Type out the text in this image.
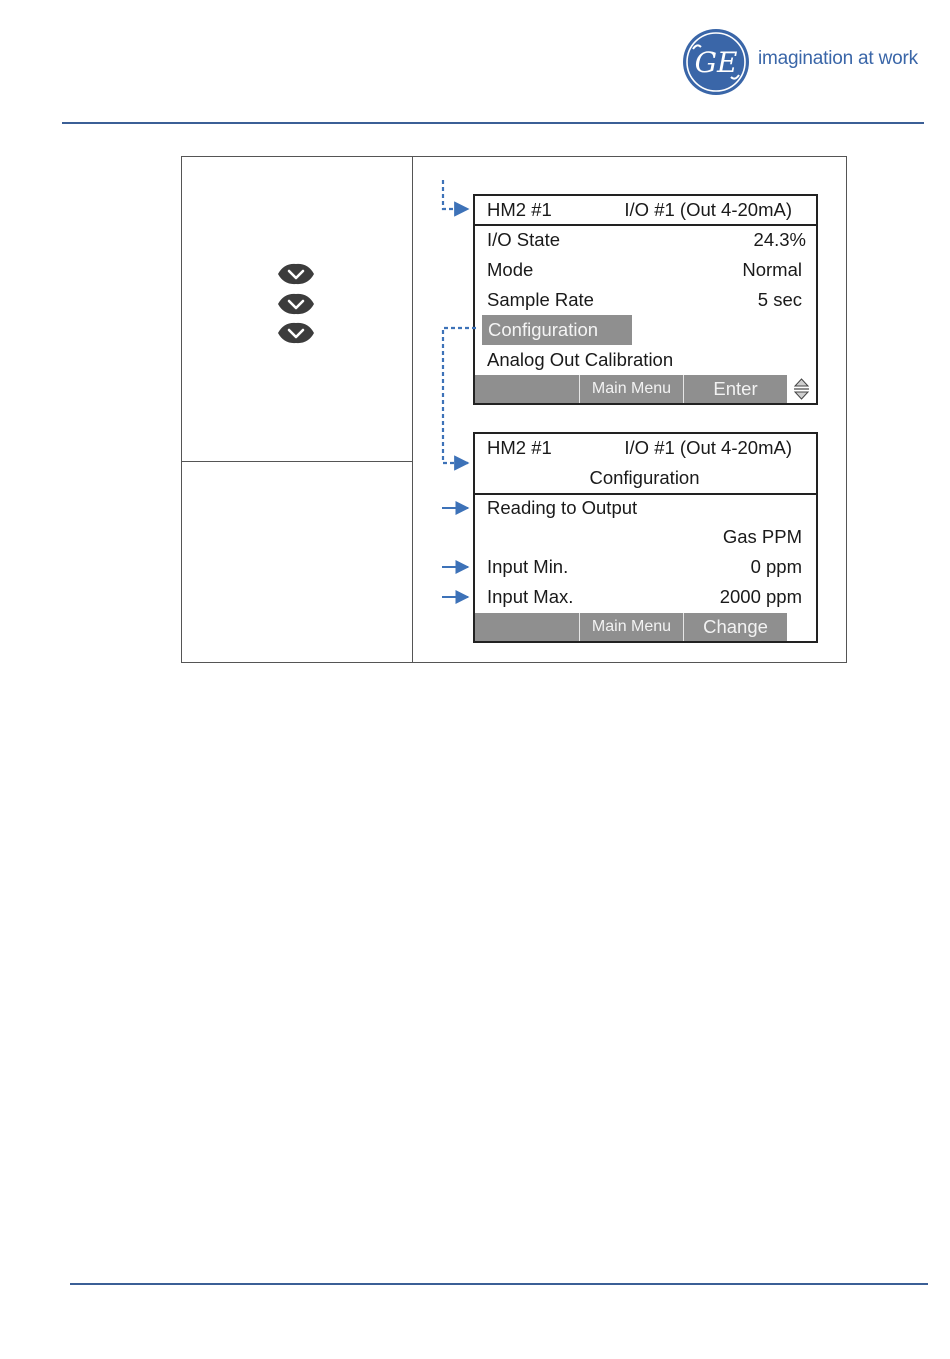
GE imagination at work
HM2 #1	I/O #1 (Out 4-20mA)
I/O State	24.3%
Mode	Normal
Sample Rate	5 sec
Configuration
Analog Out Calibration
Main Menu	Enter
HM2 #1	I/O #1 (Out 4-20mA)
Configuration
Reading to Output
Gas PPM
Input Min.	0 ppm
Input Max.	2000 ppm
Main Menu	Change
